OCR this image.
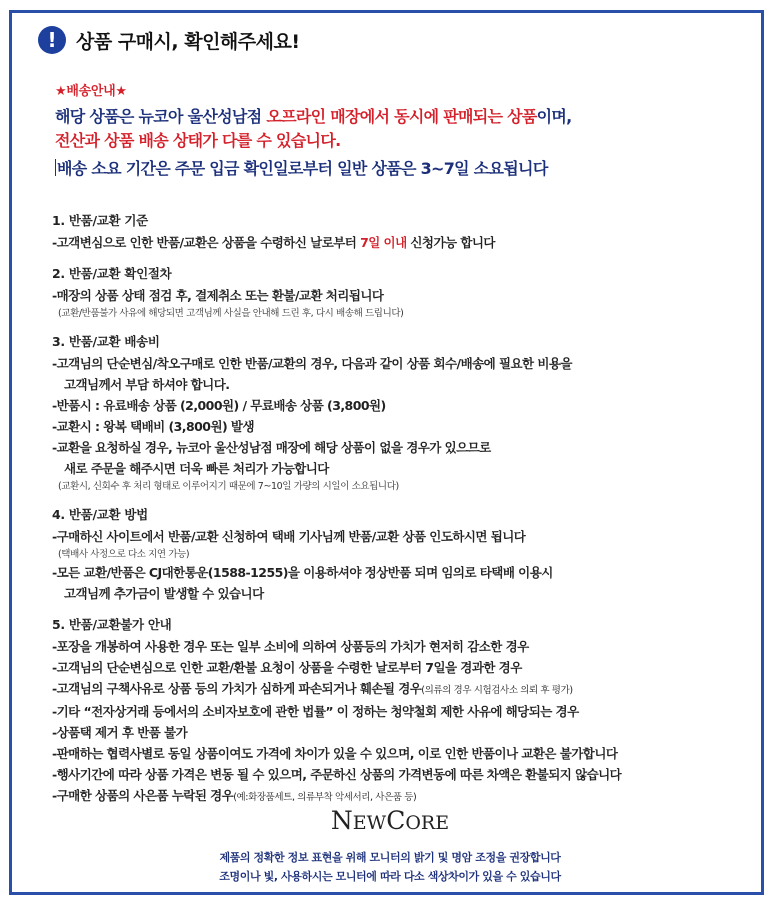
!	상품 구매시, 확인해주세요!
★배송안내★
해당 상품은 뉴코아 울산성남점 오프라인 매장에서 동시에 판매되는 상품이며,
전산과 상품 배송 상태가 다를 수 있습니다.
배송 소요 기간은 주문 입금 확인일로부터 일반 상품은 3~7일 소요됩니다
1. 반품/교환 기준
-고객변심으로 인한 반품/교환은 상품을 수령하신 날로부터 7일 이내 신청가능 합니다
2. 반품/교환 확인절차
-매장의 상품 상태 점검 후, 결제취소 또는 환불/교환 처리됩니다
(교환/반품불가 사유에 해당되면 고객님께 사실을 안내해 드린 후, 다시 배송해 드립니다)
3. 반품/교환 배송비
-고객님의 단순변심/착오구매로 인한 반품/교환의 경우, 다음과 같이 상품 회수/배송에 필요한 비용을
고객님께서 부담 하셔야 합니다.
-반품시 : 유료배송 상품 (2,000원) / 무료배송 상품 (3,800원)
-교환시 : 왕복 택배비 (3,800원) 발생
-교환을 요청하실 경우, 뉴코아 울산성남점 매장에 해당 상품이 없을 경우가 있으므로
새로 주문을 해주시면 더욱 빠른 처리가 가능합니다
(교환시, 신회수 후 처리 형태로 이루어지기 때문에 7~10일 가량의 시일이 소요됩니다)
4. 반품/교환 방법
-구매하신 사이트에서 반품/교환 신청하여 택배 기사님께 반품/교환 상품 인도하시면 됩니다
(택배사 사정으로 다소 지연 가능)
-모든 교환/반품은 CJ대한통운(1588-1255)을 이용하셔야 정상반품 되며 임의로 타택배 이용시
고객님께 추가금이 발생할 수 있습니다
5. 반품/교환불가 안내
-포장을 개봉하여 사용한 경우 또는 일부 소비에 의하여 상품등의 가치가 현저히 감소한 경우
-고객님의 단순변심으로 인한 교환/환불 요청이 상품을 수령한 날로부터 7일을 경과한 경우
-고객님의 구책사유로 상품 등의 가치가 심하게 파손되거나 훼손될 경우(의류의 경우 시험검사소 의뢰 후 평가)
-기타 “전자상거래 등에서의 소비자보호에 관한 법률” 이 정하는 청약철회 제한 사유에 해당되는 경우
-상품택 제거 후 반품 불가
-판매하는 협력사별로 동일 상품이여도 가격에 차이가 있을 수 있으며, 이로 인한 반품이나 교환은 불가합니다
-행사기간에 따라 상품 가격은 변동 될 수 있으며, 주문하신 상품의 가격변동에 따른 차액은 환불되지 않습니다
-구매한 상품의 사은품 누락된 경우(예:화장품세트, 의류부착 악세서리, 사은품 등)
NEWCORE
제품의 정확한 정보 표현을 위해 모니터의 밝기 및 명암 조정을 권장합니다
조명이나 빛, 사용하시는 모니터에 따라 다소 색상차이가 있을 수 있습니다
